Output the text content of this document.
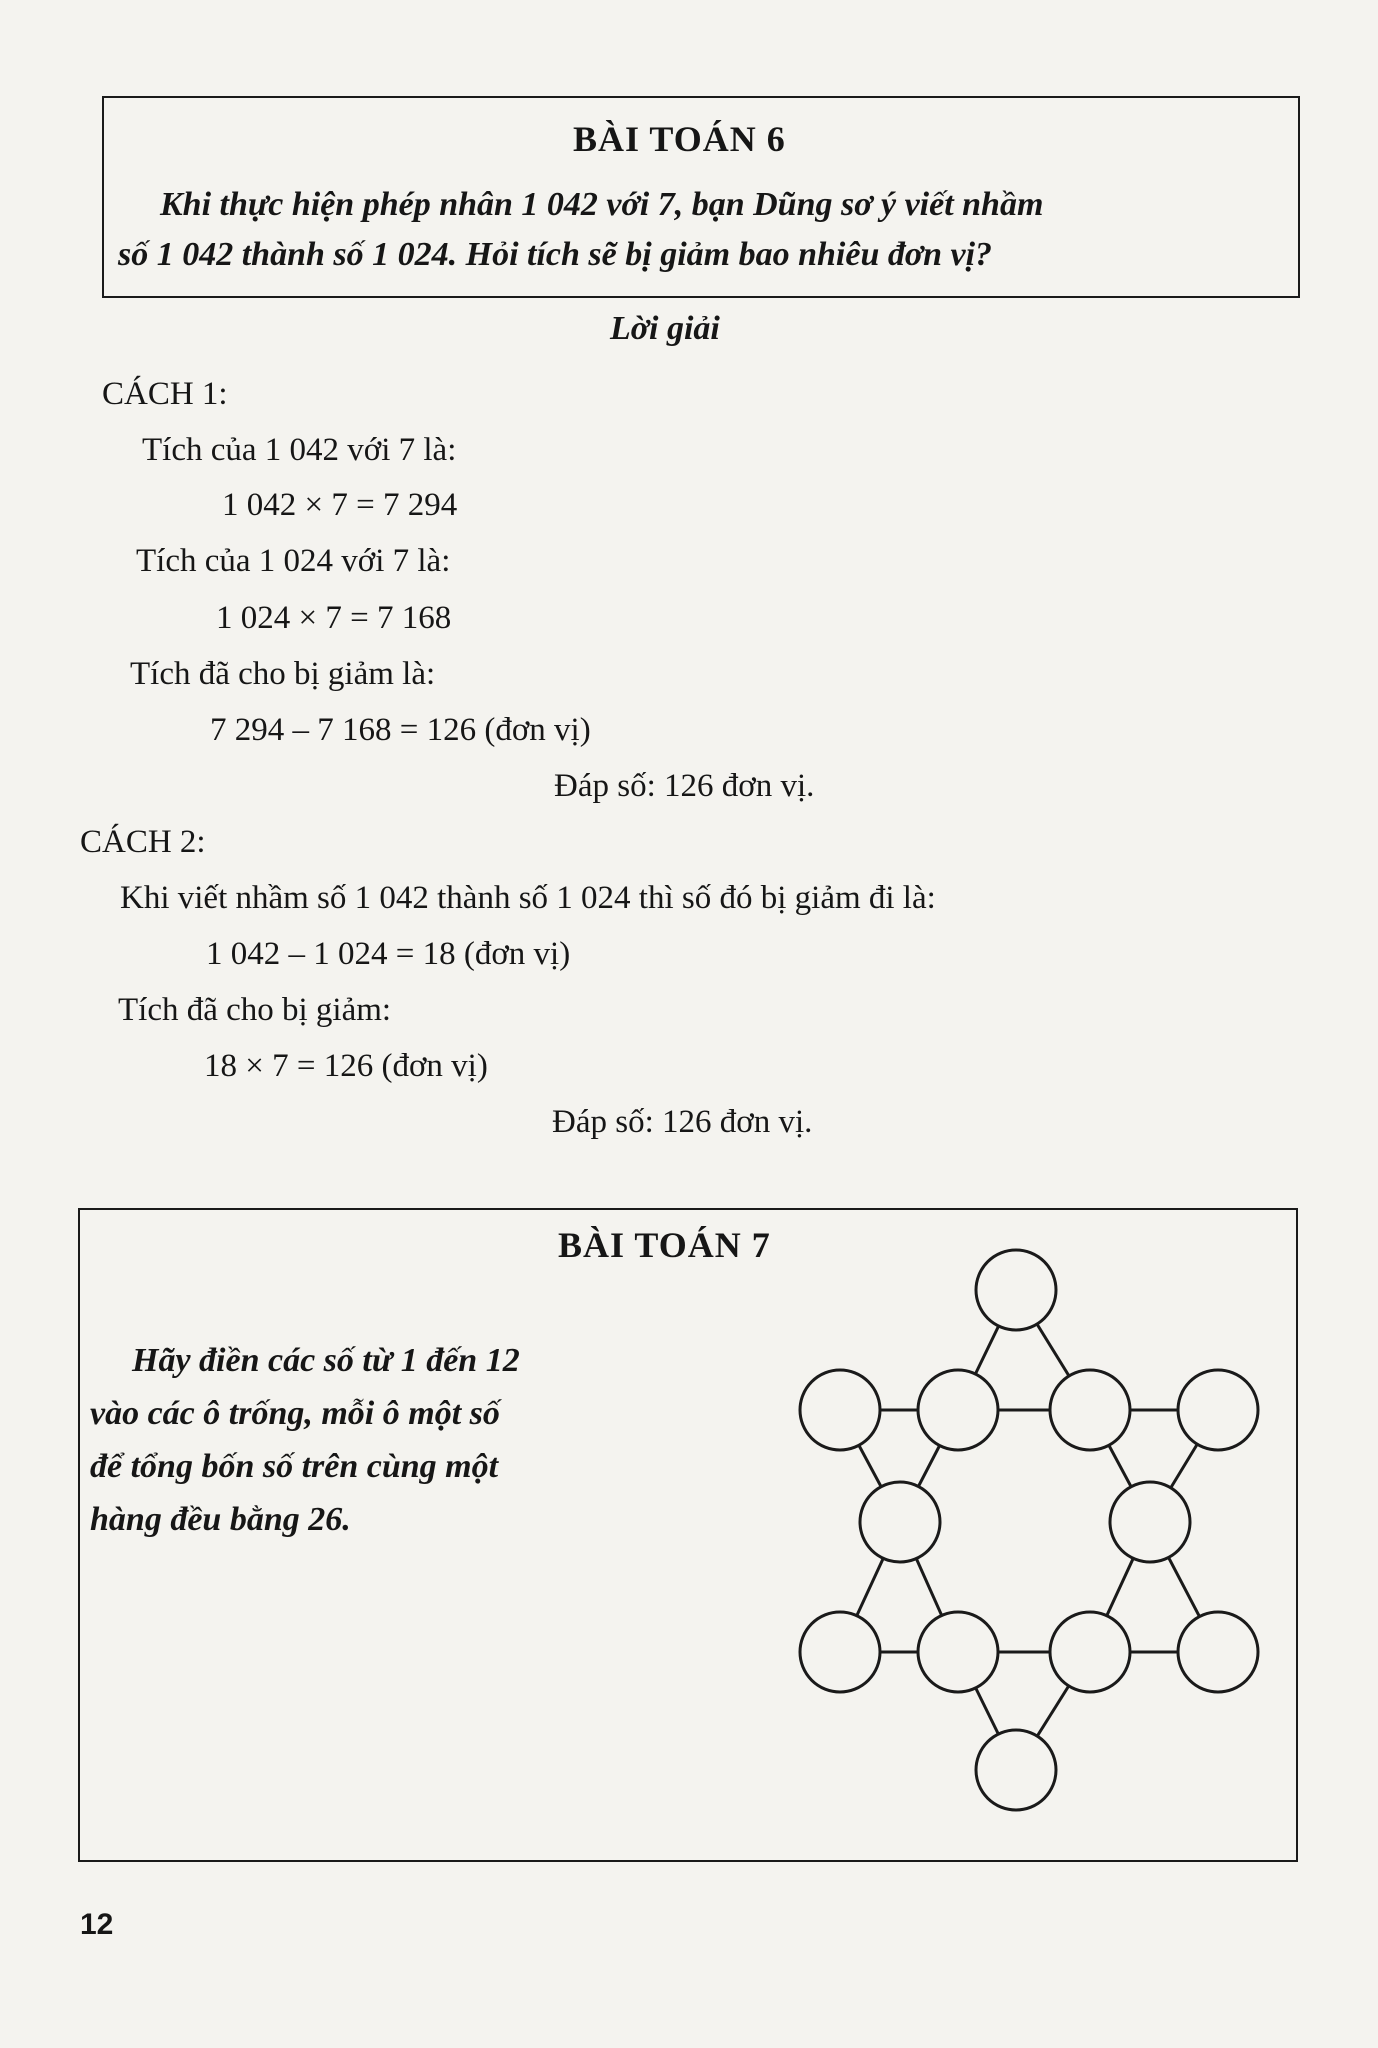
BÀI TOÁN 6
Khi thực hiện phép nhân 1 042 với 7, bạn Dũng sơ ý viết nhầm
số 1 042 thành số 1 024. Hỏi tích sẽ bị giảm bao nhiêu đơn vị?
Lời giải
CÁCH 1:
Tích của 1 042 với 7 là:
1 042 × 7 = 7 294
Tích của 1 024 với 7 là:
1 024 × 7 = 7 168
Tích đã cho bị giảm là:
7 294 – 7 168 = 126 (đơn vị)
Đáp số: 126 đơn vị.
CÁCH 2:
Khi viết nhầm số 1 042 thành số 1 024 thì số đó bị giảm đi là:
1 042 – 1 024 = 18 (đơn vị)
Tích đã cho bị giảm:
18 × 7 = 126 (đơn vị)
Đáp số: 126 đơn vị.
BÀI TOÁN 7
Hãy điền các số từ 1 đến 12
vào các ô trống, mỗi ô một số
để tổng bốn số trên cùng một
hàng đều bằng 26.
12
